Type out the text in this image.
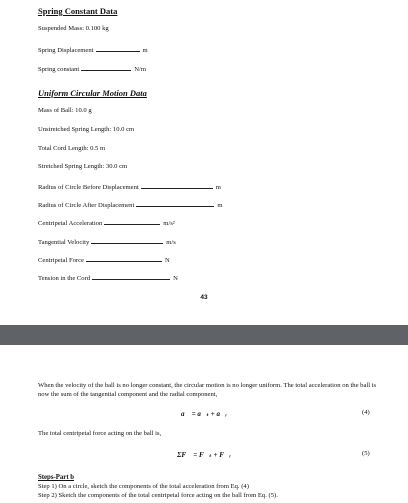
Spring Constant Data
Suspended Mass: 0.100 kg
Spring Displacement	m
Spring constant	N/m
Uniform Circular Motion Data
Mass of Ball: 10.0 g
Unstretched Spring Length: 10.0 cm
Total Cord Length: 0.5 m
Stretched Spring Length: 30.0 cm
Radius of Circle Before Displacement	m
Radius of Circle After Displacement	m
Centripetal Acceleration	m/s²
Tangential Velocity	m/s
Centripetal Force	N
Tension in the Cord	N
43
When the velocity of the ball is no longer constant, the circular motion is no longer uniform. The total acceleration on the ball is now the sum of the tangential component and the radial component,
a⃗ = a⃗ₜ + a⃗ᵣ	(4)
The total centripetal force acting on the ball is,
ΣF⃗ = F⃗ₜ + F⃗ᵣ	(5)
Steps-Part b
Step 1) On a circle, sketch the components of the total acceleration from Eq. (4)
Step 2) Sketch the components of the total centripetal force acting on the ball from Eq. (5).
